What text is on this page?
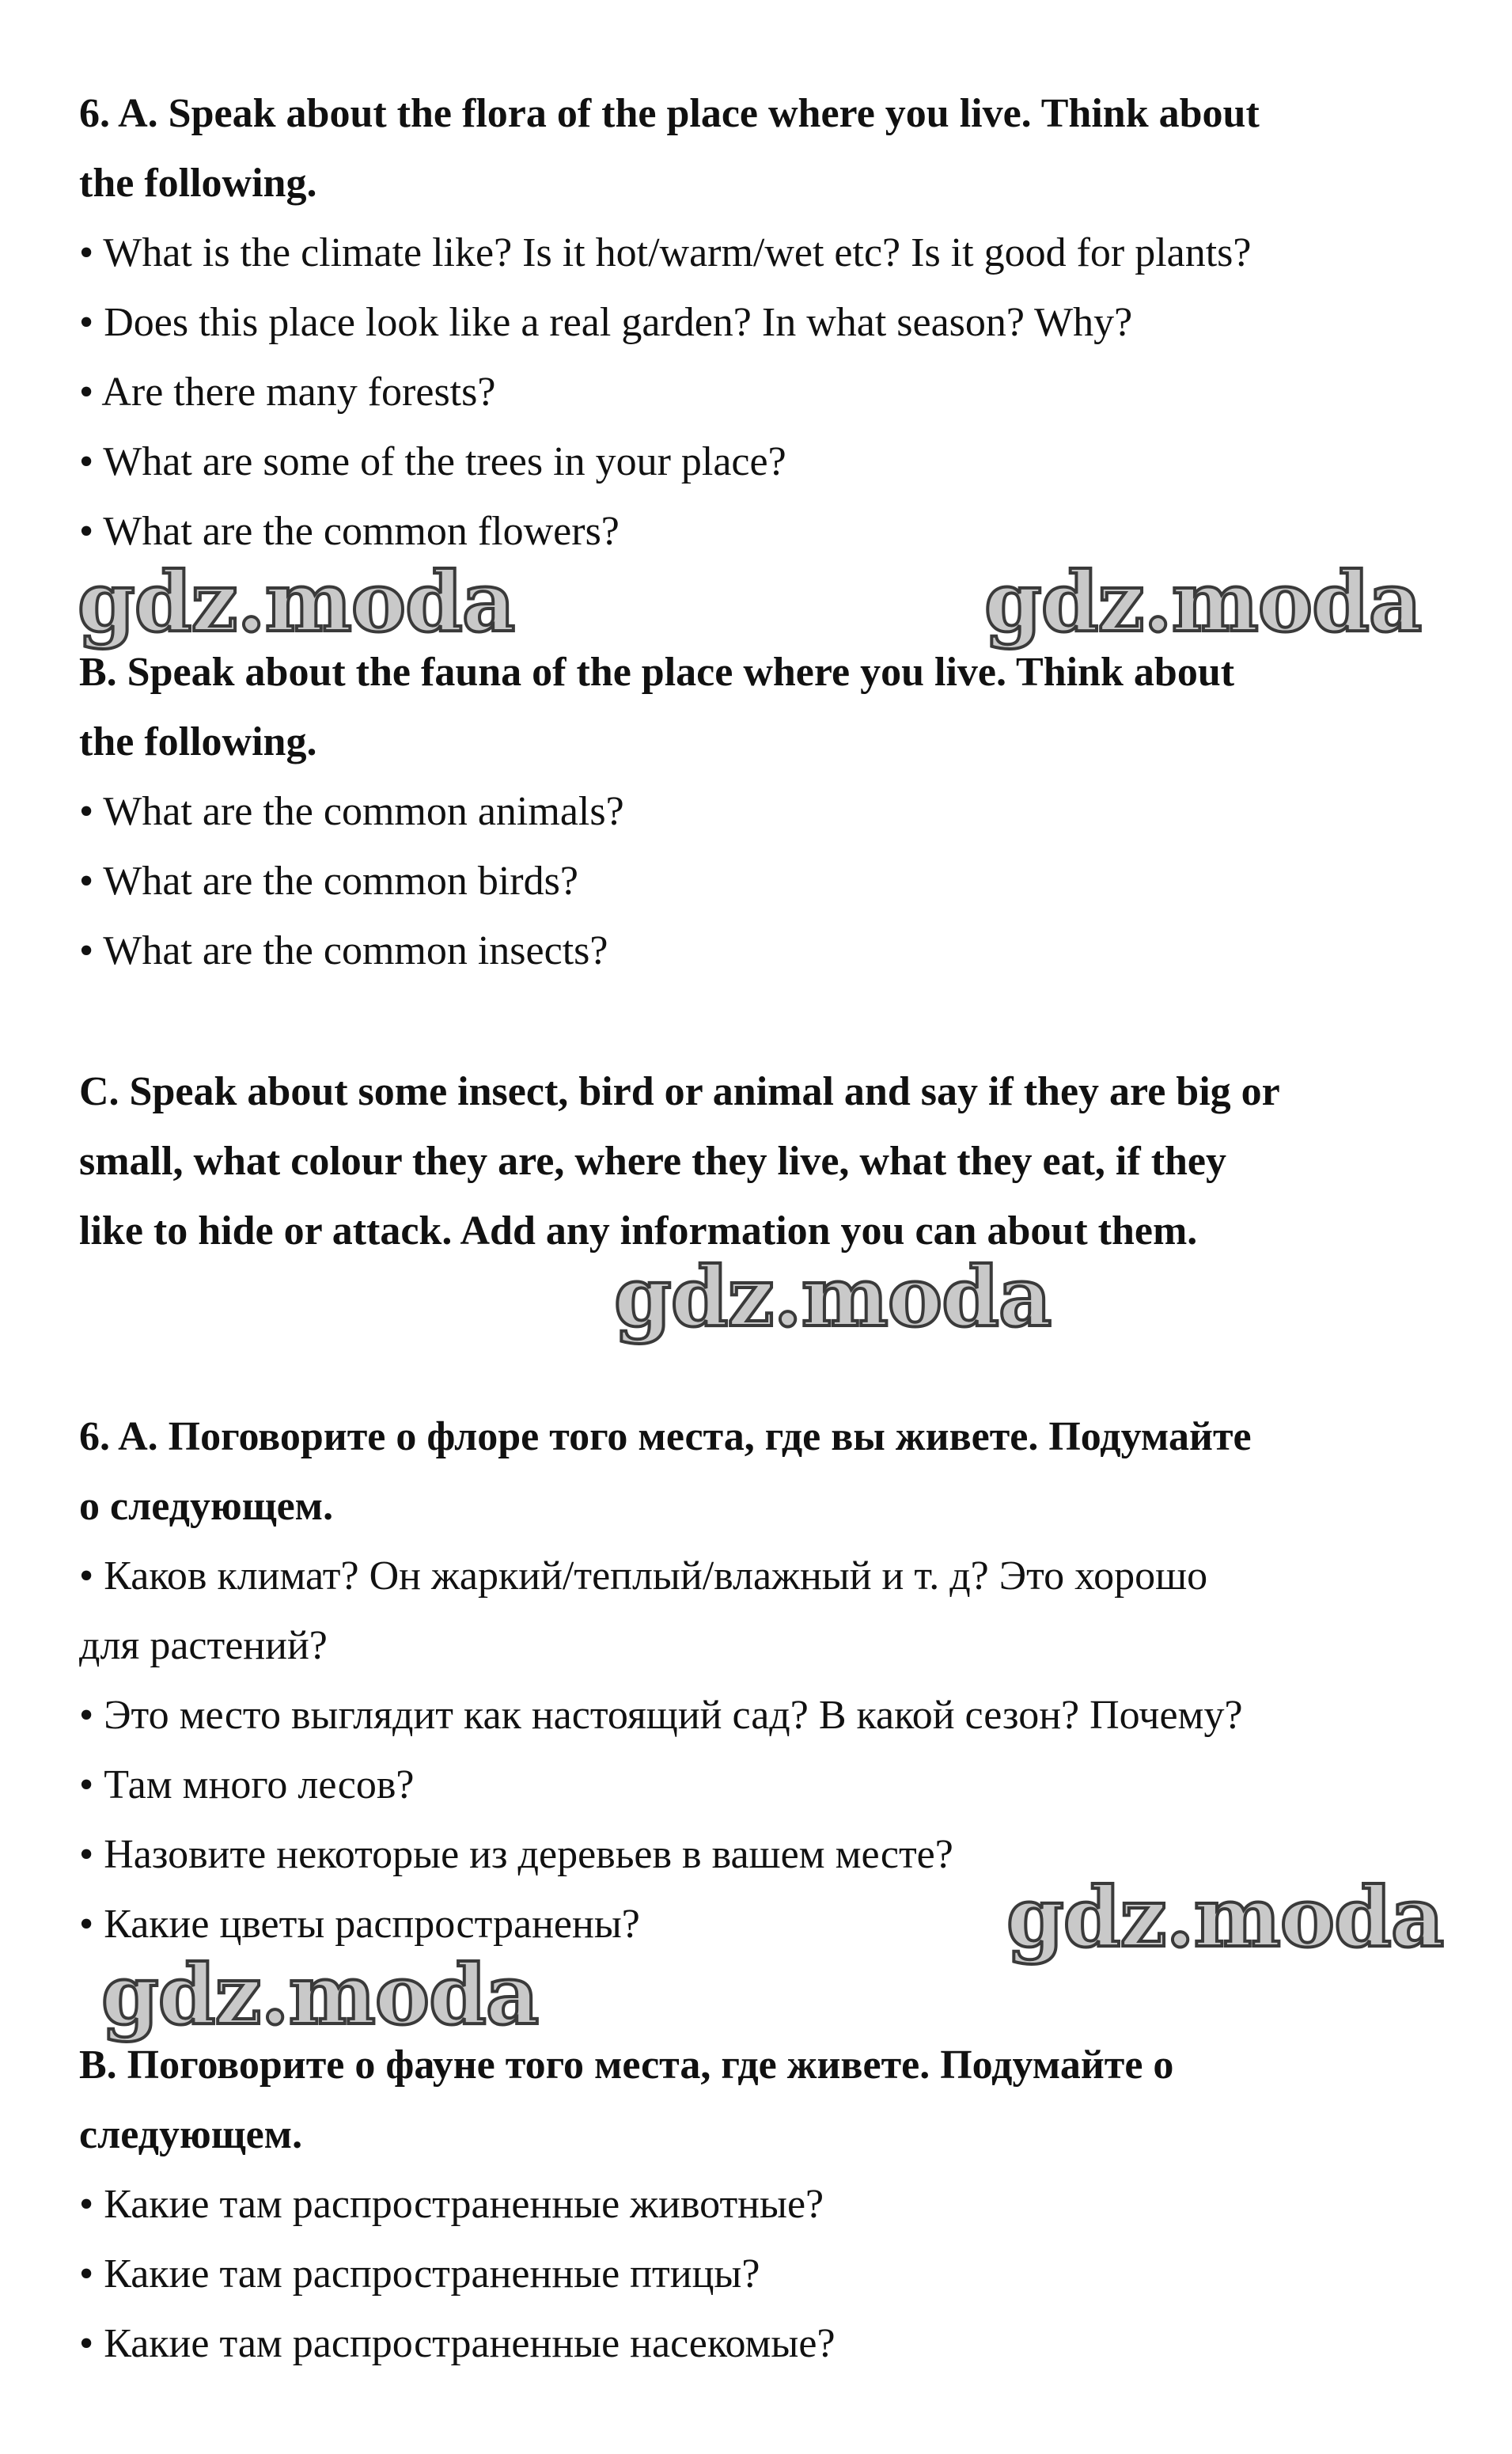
6. A. Speak about the flora of the place where you live. Think about

the following.

• What is the climate like? Is it hot/warm/wet etc? Is it good for plants?

• Does this place look like a real garden? In what season? Why?

• Are there many forests?

• What are some of the trees in your place?

• What are the common flowers?

gdz.moda	gdz.moda

B. Speak about the fauna of the place where you live. Think about

the following.

• What are the common animals?

• What are the common birds?

• What are the common insects?

C. Speak about some insect, bird or animal and say if they are big or

small, what colour they are, where they live, what they eat, if they

like to hide or attack. Add any information you can about them.

gdz.moda

6. A. Поговорите о флоре того места, где вы живете. Подумайте

о следующем.

• Каков климат? Он жаркий/теплый/влажный и т. д? Это хорошо

для растений?

• Это место выглядит как настоящий сад? В какой сезон? Почему?

• Там много лесов?

• Назовите некоторые из деревьев в вашем месте?

• Какие цветы распространены?	gdz.moda
gdz.moda

B. Поговорите о фауне того места, где живете. Подумайте о

следующем.

• Какие там распространенные животные?

• Какие там распространенные птицы?

• Какие там распространенные насекомые?
